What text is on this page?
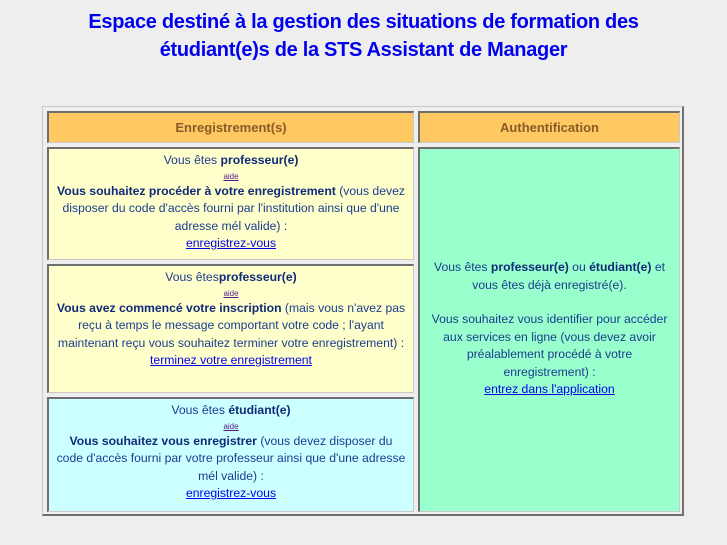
Espace destiné à la gestion des situations de formation des
étudiant(e)s de la STS Assistant de Manager
Enregistrement(s)	Authentification
Vous êtes professeur(e)
aide
Vous souhaitez procéder à votre enregistrement (vous devez disposer du code d'accès fourni par l'institution ainsi que d'une adresse mél valide) :
enregistrez-vous
Vous êtesprofesseur(e)
aide
Vous avez commencé votre inscription (mais vous n'avez pas reçu à temps le message comportant votre code ; l'ayant maintenant reçu vous souhaitez terminer votre enregistrement) :
terminez votre enregistrement
Vous êtes étudiant(e)
aide
Vous souhaitez vous enregistrer (vous devez disposer du code d'accès fourni par votre professeur ainsi que d'une adresse mél valide) :
enregistrez-vous
Vous êtes professeur(e) ou étudiant(e) et vous êtes déjà enregistré(e).
Vous souhaitez vous identifier pour accéder aux services en ligne (vous devez avoir préalablement procédé à votre enregistrement) :
entrez dans l'application
